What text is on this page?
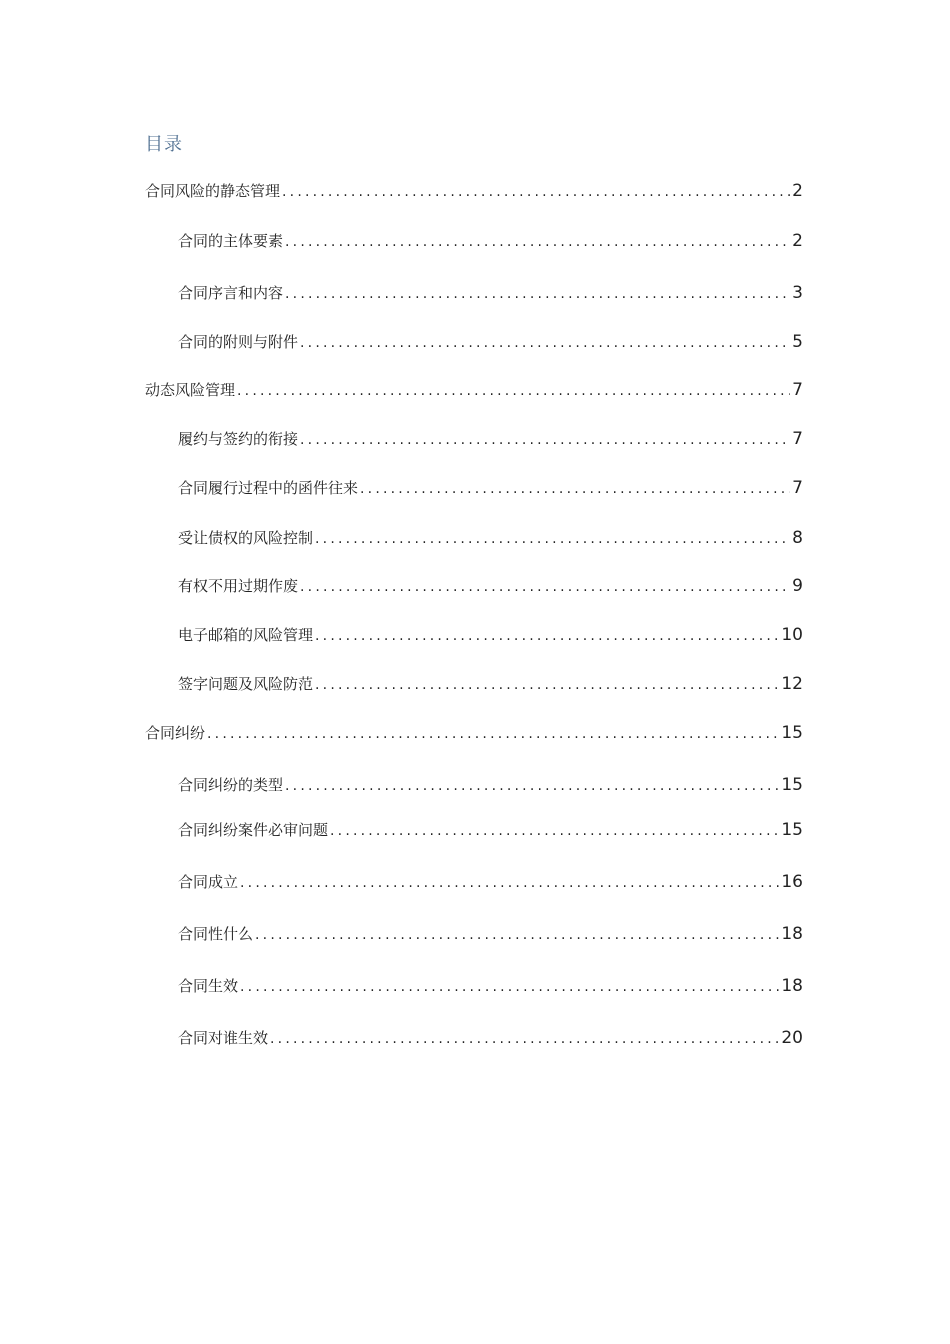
目录
合同风险的静态管理 .....	2
合同的主体要素 .....	2
合同序言和内容 .....	3
合同的附则与附件 .....	5
动态风险管理 .....	7
履约与签约的衔接 .....	7
合同履行过程中的函件往来 .....	7
受让债权的风险控制 .....	8
有权不用过期作废 .....	9
电子邮箱的风险管理 .....	10
签字问题及风险防范 .....	12
合同纠纷 .....	15
合同纠纷的类型 .....	15
合同纠纷案件必审问题 .....	15
合同成立 .....	16
合同性什么 .....	18
合同生效 .....	18
合同对谁生效 .....	20
